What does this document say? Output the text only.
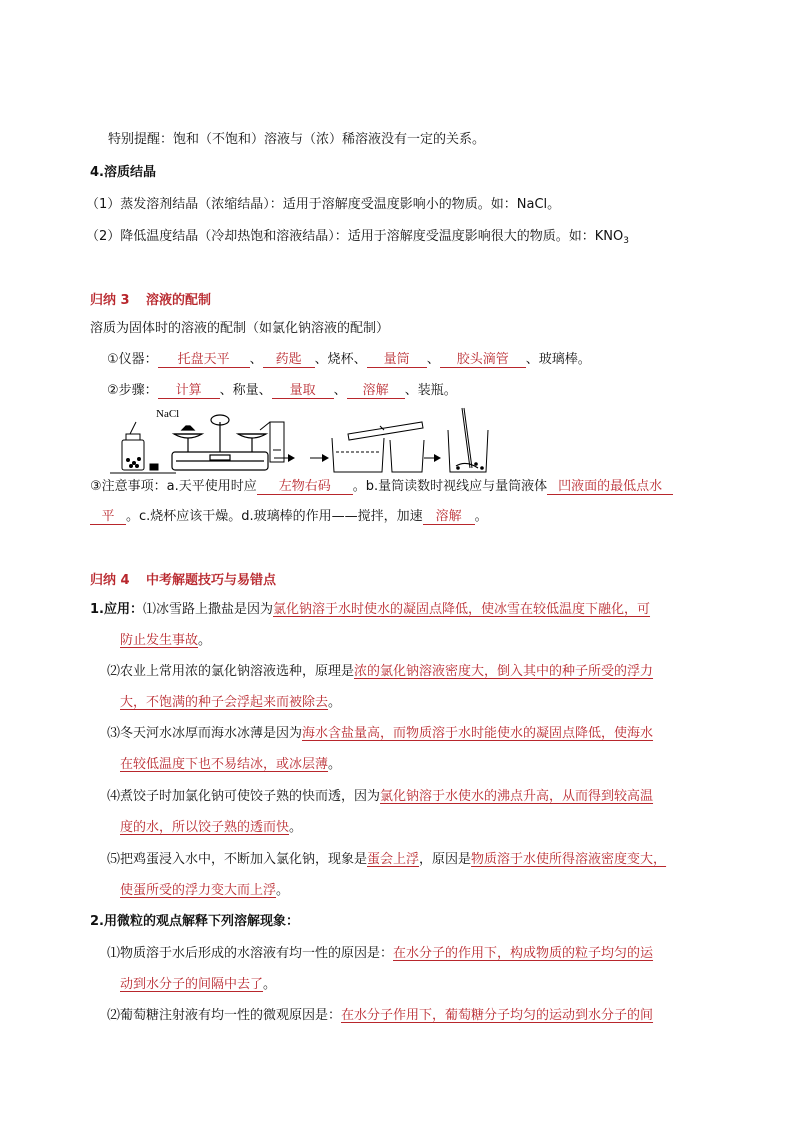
特别提醒：饱和（不饱和）溶液与（浓）稀溶液没有一定的关系。
4.溶质结晶
（1）蒸发溶剂结晶（浓缩结晶）：适用于溶解度受温度影响小的物质。如：NaCl。
（2）降低温度结晶（冷却热饱和溶液结晶）：适用于溶解度受温度影响很大的物质。如：$KNO_3$
归纳 3 溶液的配制
溶质为固体时的溶液的配制（如氯化钠溶液的配制）
①仪器： 托盘天平 、 药匙 、烧杯、 量筒 、 胶头滴管 、玻璃棒。
②步骤： 计算 、称量、 量取 、 溶解 、装瓶。
NaCl
③注意事项：a.天平使用时应 左物右码 。b.量筒读数时视线应与量筒液体 凹液面的最低点水
平 。c.烧杯应该干燥。d.玻璃棒的作用——搅拌，加速 溶解 。
归纳 4 中考解题技巧与易错点
1.应用：⑴冰雪路上撒盐是因为氯化钠溶于水时使水的凝固点降低，使冰雪在较低温度下融化，可
防止发生事故。
⑵农业上常用浓的氯化钠溶液选种，原理是浓的氯化钠溶液密度大，倒入其中的种子所受的浮力
大，不饱满的种子会浮起来而被除去。
⑶冬天河水冰厚而海水冰薄是因为海水含盐量高，而物质溶于水时能使水的凝固点降低，使海水
在较低温度下也不易结冰，或冰层薄。
⑷煮饺子时加氯化钠可使饺子熟的快而透，因为氯化钠溶于水使水的沸点升高，从而得到较高温
度的水，所以饺子熟的透而快。
⑸把鸡蛋浸入水中，不断加入氯化钠，现象是蛋会上浮，原因是物质溶于水使所得溶液密度变大，
使蛋所受的浮力变大而上浮。
2.用微粒的观点解释下列溶解现象：
⑴物质溶于水后形成的水溶液有均一性的原因是：在水分子的作用下，构成物质的粒子均匀的运
动到水分子的间隔中去了。
⑵葡萄糖注射液有均一性的微观原因是：在水分子作用下，葡萄糖分子均匀的运动到水分子的间
